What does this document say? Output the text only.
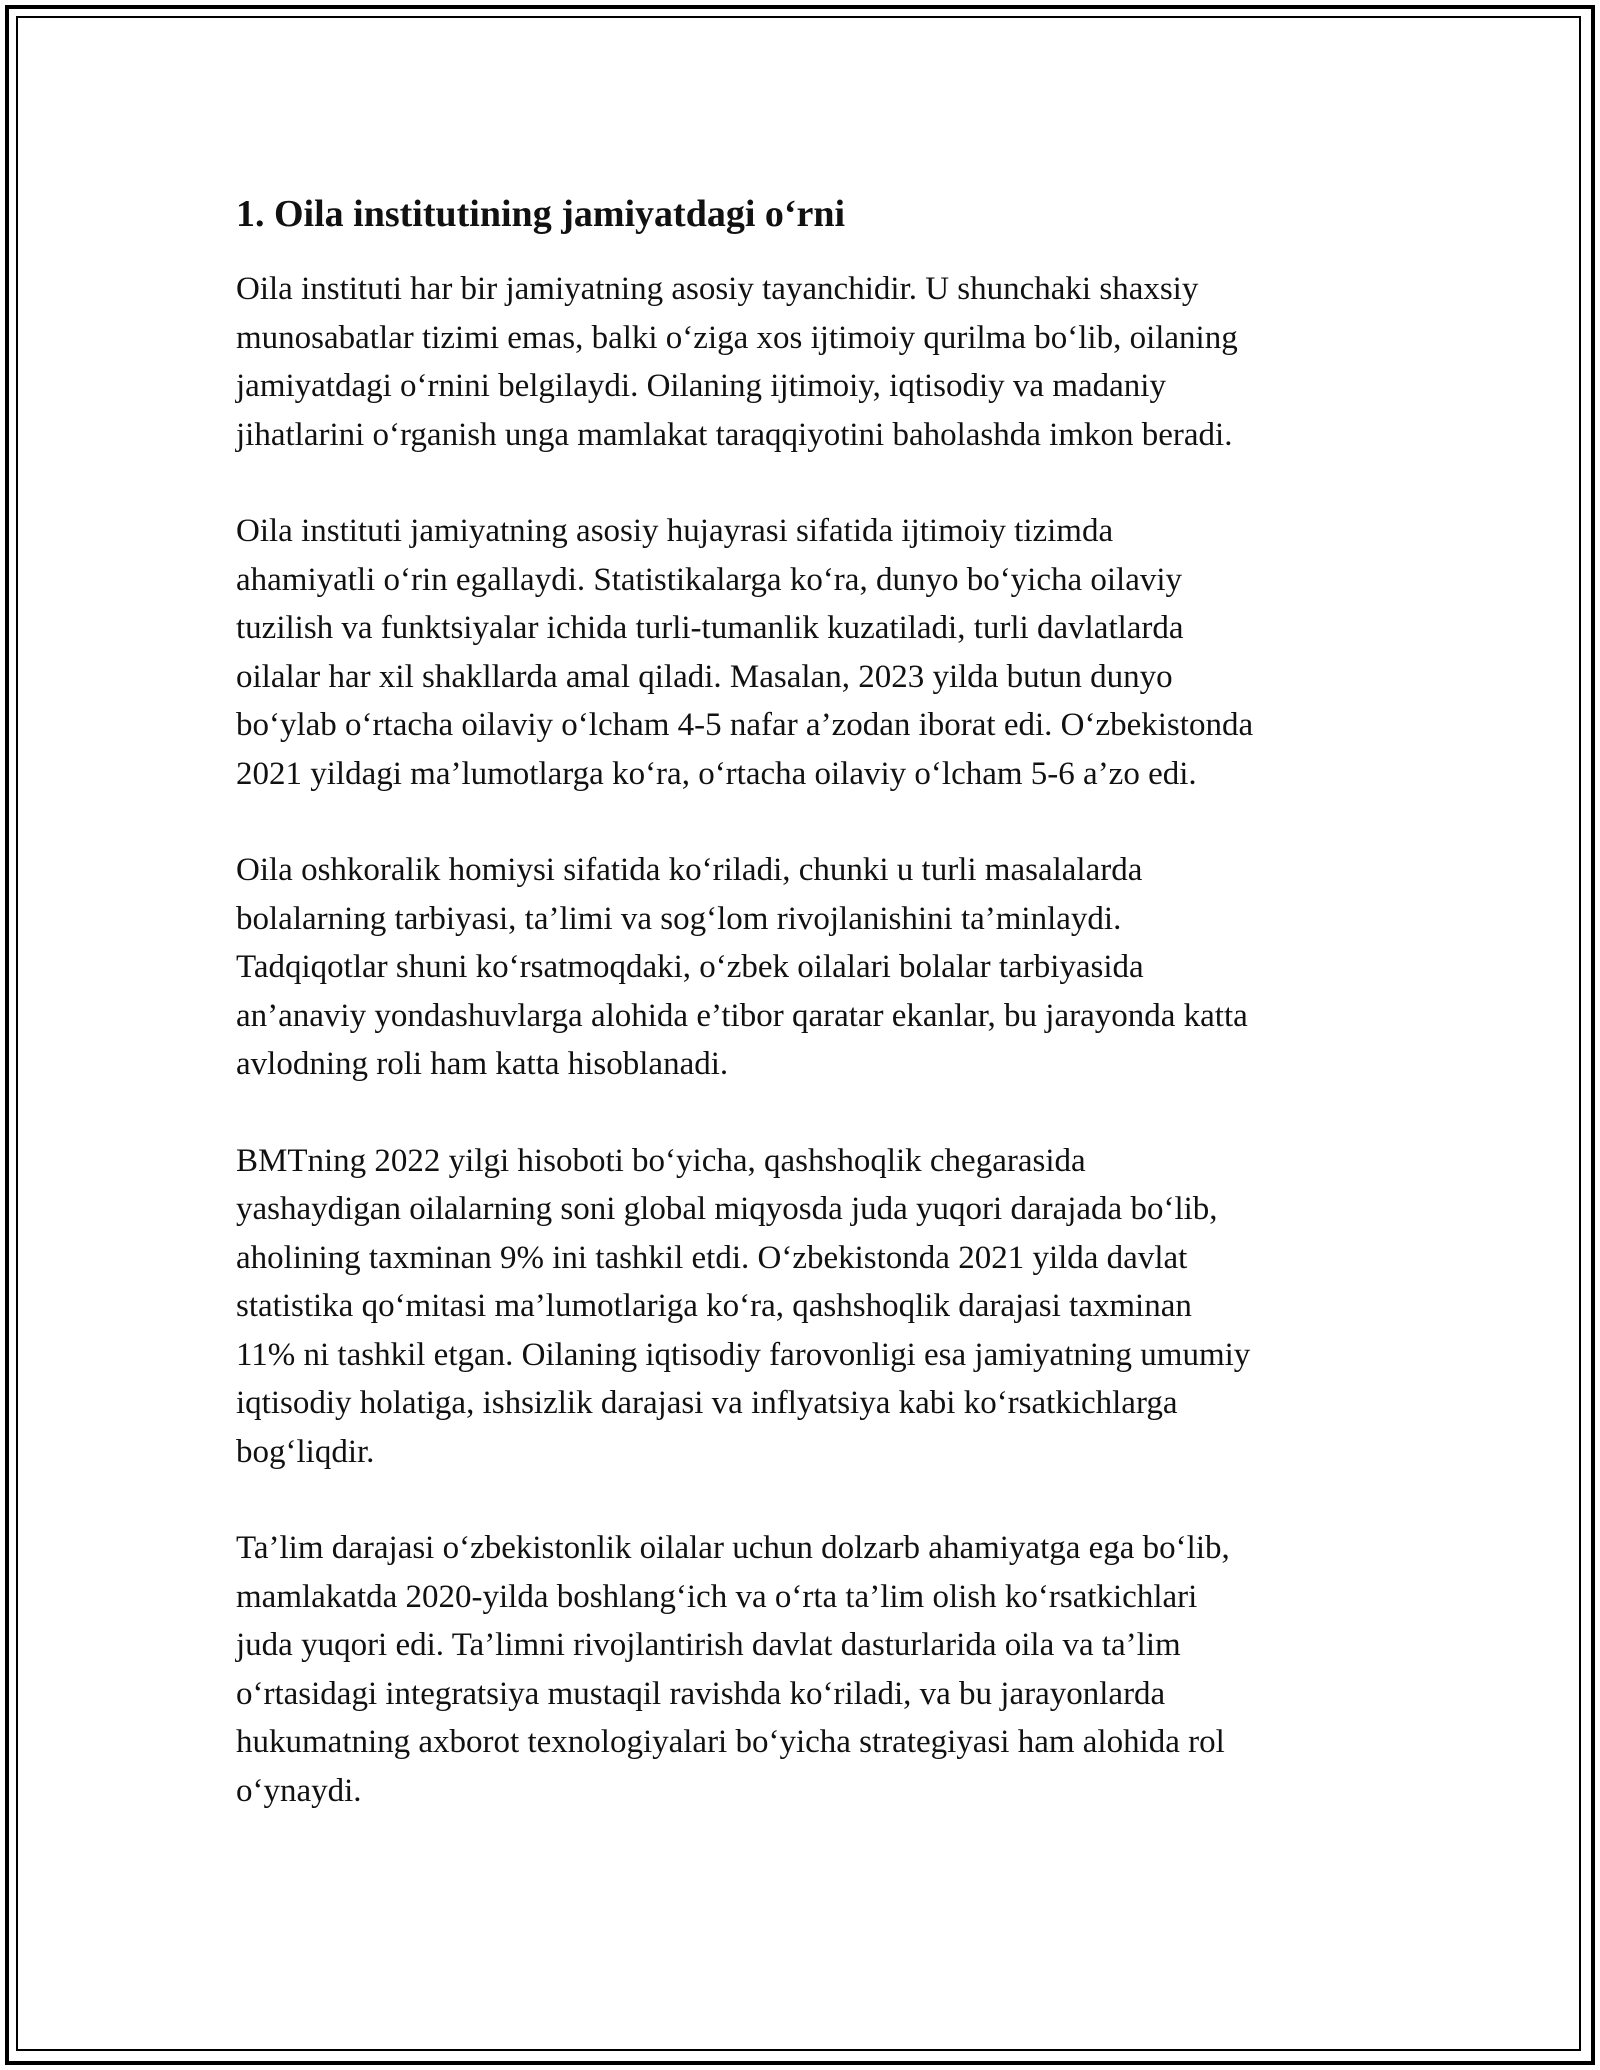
1. Oila institutining jamiyatdagi o‘rni

Oila instituti har bir jamiyatning asosiy tayanchidir. U shunchaki shaxsiy
munosabatlar tizimi emas, balki o‘ziga xos ijtimoiy qurilma bo‘lib, oilaning
jamiyatdagi o‘rnini belgilaydi. Oilaning ijtimoiy, iqtisodiy va madaniy
jihatlarini o‘rganish unga mamlakat taraqqiyotini baholashda imkon beradi.

Oila instituti jamiyatning asosiy hujayrasi sifatida ijtimoiy tizimda
ahamiyatli o‘rin egallaydi. Statistikalarga ko‘ra, dunyo bo‘yicha oilaviy
tuzilish va funktsiyalar ichida turli-tumanlik kuzatiladi, turli davlatlarda
oilalar har xil shakllarda amal qiladi. Masalan, 2023 yilda butun dunyo
bo‘ylab o‘rtacha oilaviy o‘lcham 4-5 nafar a’zodan iborat edi. O‘zbekistonda
2021 yildagi ma’lumotlarga ko‘ra, o‘rtacha oilaviy o‘lcham 5-6 a’zo edi.

Oila oshkoralik homiysi sifatida ko‘riladi, chunki u turli masalalarda
bolalarning tarbiyasi, ta’limi va sog‘lom rivojlanishini ta’minlaydi.
Tadqiqotlar shuni ko‘rsatmoqdaki, o‘zbek oilalari bolalar tarbiyasida
an’anaviy yondashuvlarga alohida e’tibor qaratar ekanlar, bu jarayonda katta
avlodning roli ham katta hisoblanadi.

BMTning 2022 yilgi hisoboti bo‘yicha, qashshoqlik chegarasida
yashaydigan oilalarning soni global miqyosda juda yuqori darajada bo‘lib,
aholining taxminan 9% ini tashkil etdi. O‘zbekistonda 2021 yilda davlat
statistika qo‘mitasi ma’lumotlariga ko‘ra, qashshoqlik darajasi taxminan
11% ni tashkil etgan. Oilaning iqtisodiy farovonligi esa jamiyatning umumiy
iqtisodiy holatiga, ishsizlik darajasi va inflyatsiya kabi ko‘rsatkichlarga
bog‘liqdir.

Ta’lim darajasi o‘zbekistonlik oilalar uchun dolzarb ahamiyatga ega bo‘lib,
mamlakatda 2020-yilda boshlang‘ich va o‘rta ta’lim olish ko‘rsatkichlari
juda yuqori edi. Ta’limni rivojlantirish davlat dasturlarida oila va ta’lim
o‘rtasidagi integratsiya mustaqil ravishda ko‘riladi, va bu jarayonlarda
hukumatning axborot texnologiyalari bo‘yicha strategiyasi ham alohida rol
o‘ynaydi.
